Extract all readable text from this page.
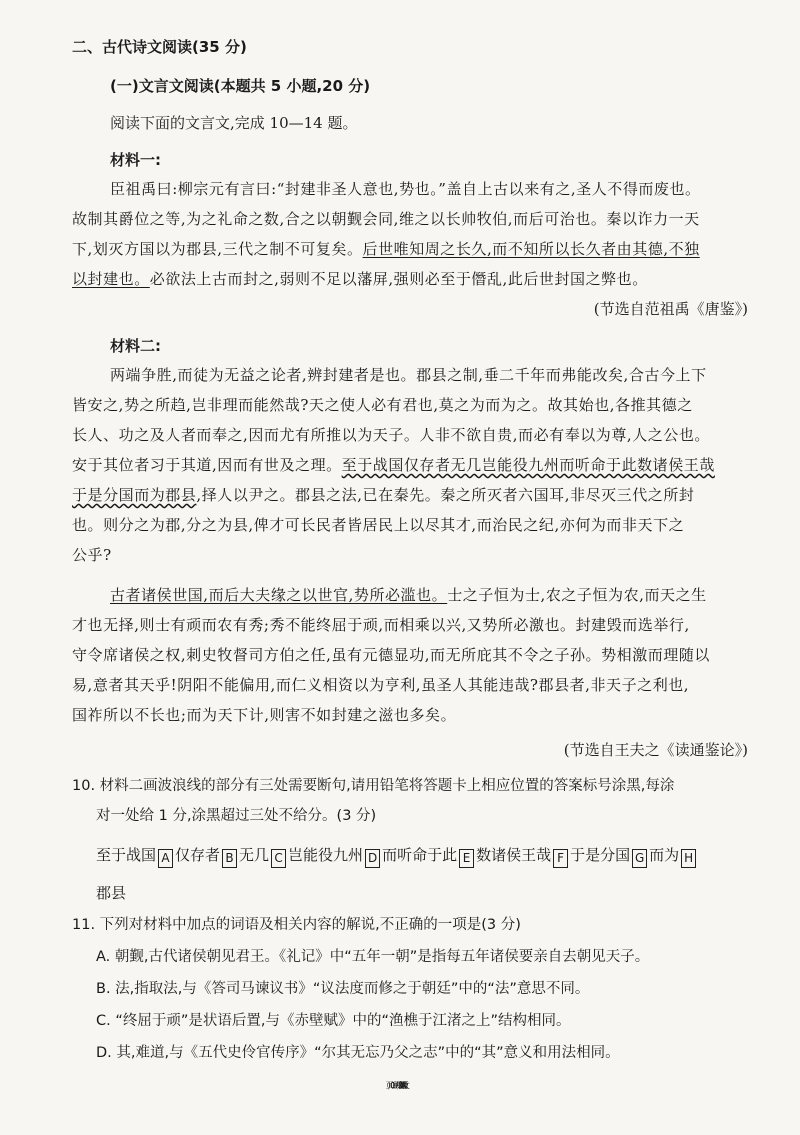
二、古代诗文阅读(35 分)
(一)文言文阅读(本题共 5 小题,20 分)
阅读下面的文言文,完成 10—14 题。
材料一:
臣祖禹曰:柳宗元有言曰:“封建非圣人意也,势也。”盖自上古以来有之,圣人不得而废也。
故制其爵位之等,为之礼命之数,合之以朝觐会同,维之以长帅牧伯,而后可治也。秦以诈力一天
下,划灭方国以为郡县,三代之制不可复矣。后世唯知周之长久,而不知所以长久者由其德,不独
以封建也。必欲法上古而封之,弱则不足以藩屏,强则必至于僭乱,此后世封国之弊也。
(节选自范祖禹《唐鉴》)
材料二:
两端争胜,而徒为无益之论者,辨封建者是也。郡县之制,垂二千年而弗能改矣,合古今上下
皆安之,势之所趋,岂非理而能然哉?天之使人必有君也,莫之为而为之。故其始也,各推其德之
长人、功之及人者而奉之,因而尤有所推以为天子。人非不欲自贵,而必有奉以为尊,人之公也。
安于其位者习于其道,因而有世及之理。至于战国仅存者无几岂能役九州而听命于此数诸侯王哉
于是分国而为郡县,择人以尹之。郡县之法,已在秦先。秦之所灭者六国耳,非尽灭三代之所封
也。则分之为郡,分之为县,俾才可长民者皆居民上以尽其才,而治民之纪,亦何为而非天下之
公乎?
古者诸侯世国,而后大夫缘之以世官,势所必滥也。士之子恒为士,农之子恒为农,而天之生
才也无择,则士有顽而农有秀;秀不能终屈于顽,而相乘以兴,又势所必激也。封建毁而选举行,
守令席诸侯之权,刺史牧督司方伯之任,虽有元德显功,而无所庇其不令之子孙。势相激而理随以
易,意者其天乎!阴阳不能偏用,而仁义相资以为亨利,虽圣人其能违哉?郡县者,非天子之利也,
国祚所以不长也;而为天下计,则害不如封建之滋也多矣。
(节选自王夫之《读通鉴论》)
10. 材料二画波浪线的部分有三处需要断句,请用铅笔将答题卡上相应位置的答案标号涂黑,每涂
对一处给 1 分,涂黑超过三处不给分。(3 分)
至于战国 A 仅存者 B 无几 C 岂能役九州 D 而听命于此 E 数诸侯王哉 F 于是分国 G 而为 H
郡县
11. 下列对材料中加点的词语及相关内容的解说,不正确的一项是(3 分)
A. 朝觐,古代诸侯朝见君王。《礼记》中“五年一朝”是指每五年诸侯要亲自去朝见天子。
B. 法,指取法,与《答司马谏议书》“议法度而修之于朝廷”中的“法”意思不同。
C. “终屈于顽”是状语后置,与《赤壁赋》中的“渔樵于江渚之上”结构相同。
D. 其,难道,与《五代史伶官传序》“尔其无忘乃父之志”中的“其”意义和用法相同。
